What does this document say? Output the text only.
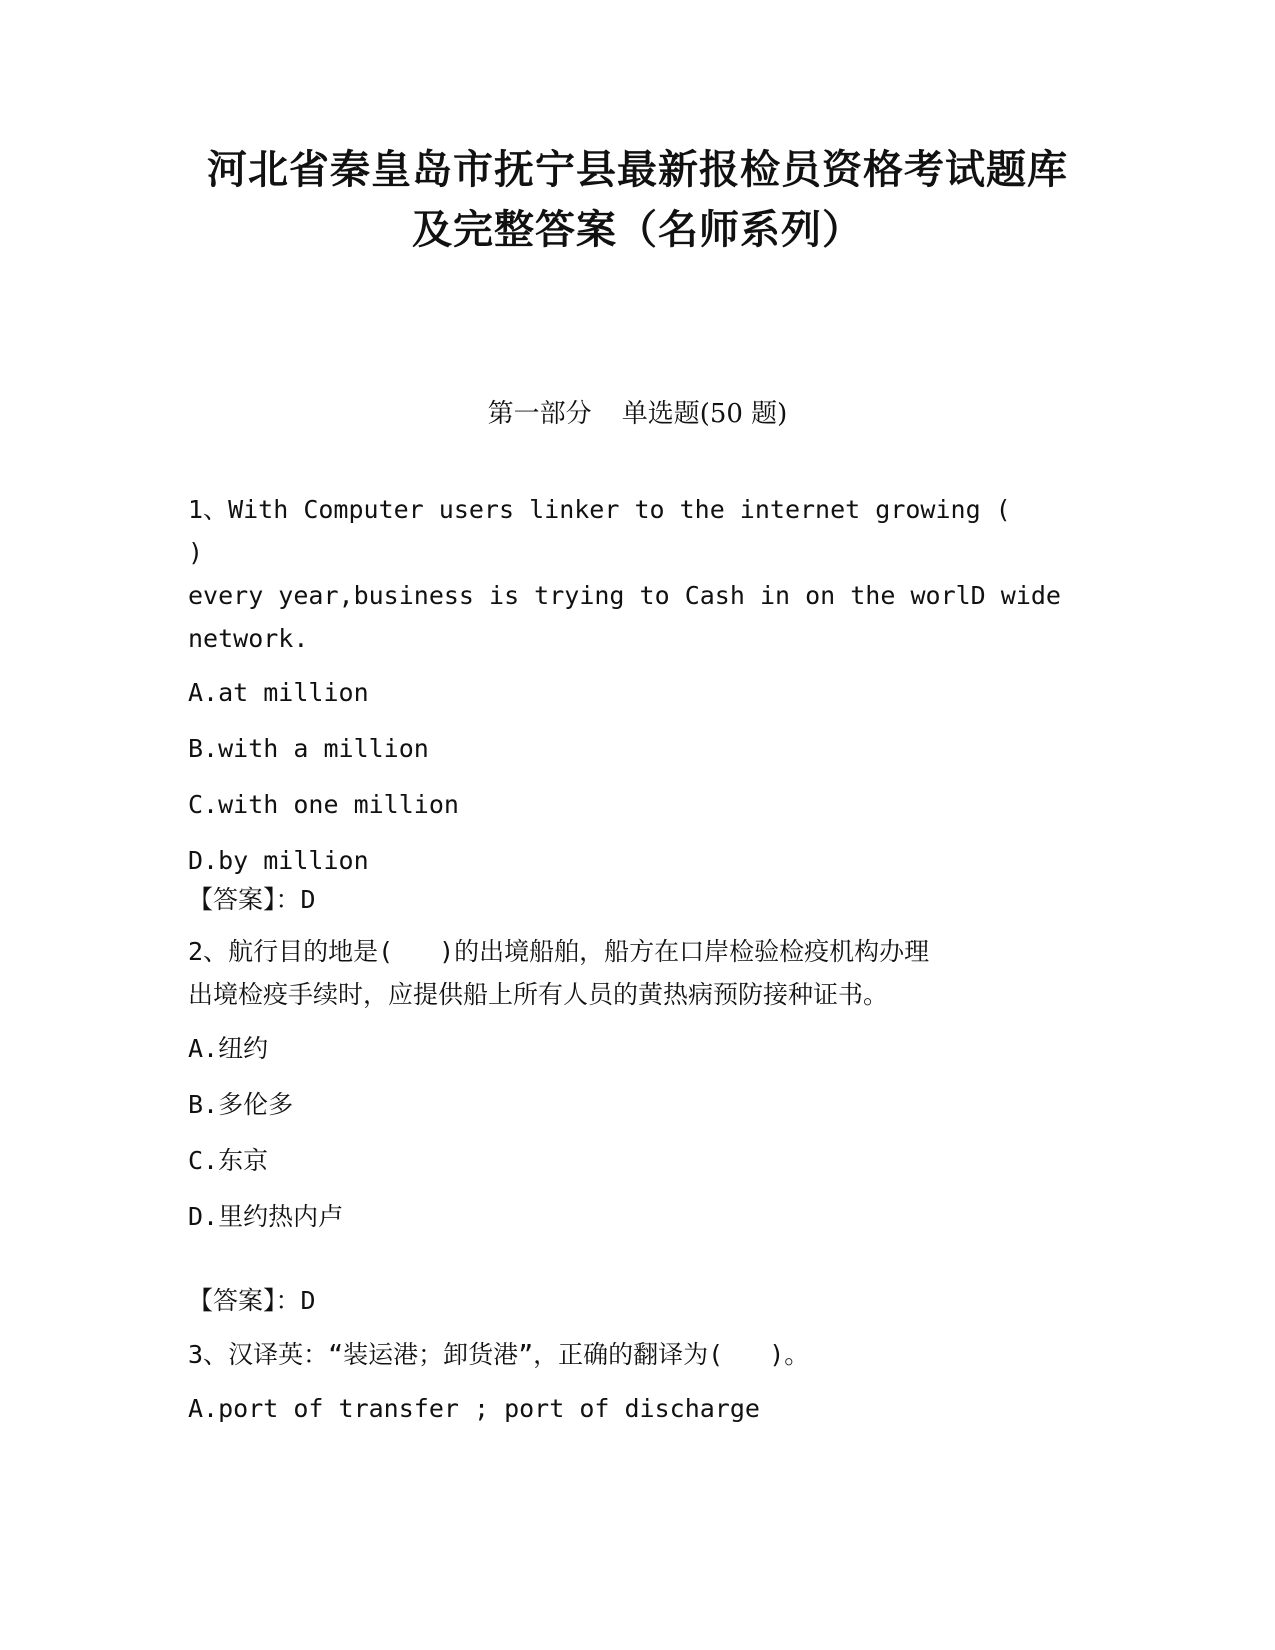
河北省秦皇岛市抚宁县最新报检员资格考试题库
及完整答案（名师系列）

第一部分 单选题(50 题)

1、With Computer users linker to the internet growing ()
every year,business is trying to Cash in on the worlD wide
network.
A.at million
B.with a million
C.with one million
D.by million
【答案】：D
2、航行目的地是( )的出境船舶，船方在口岸检验检疫机构办理
出境检疫手续时，应提供船上所有人员的黄热病预防接种证书。
A.纽约
B.多伦多
C.东京
D.里约热内卢
【答案】：D
3、汉译英：“装运港；卸货港”，正确的翻译为( )。
A.port of transfer ; port of discharge
